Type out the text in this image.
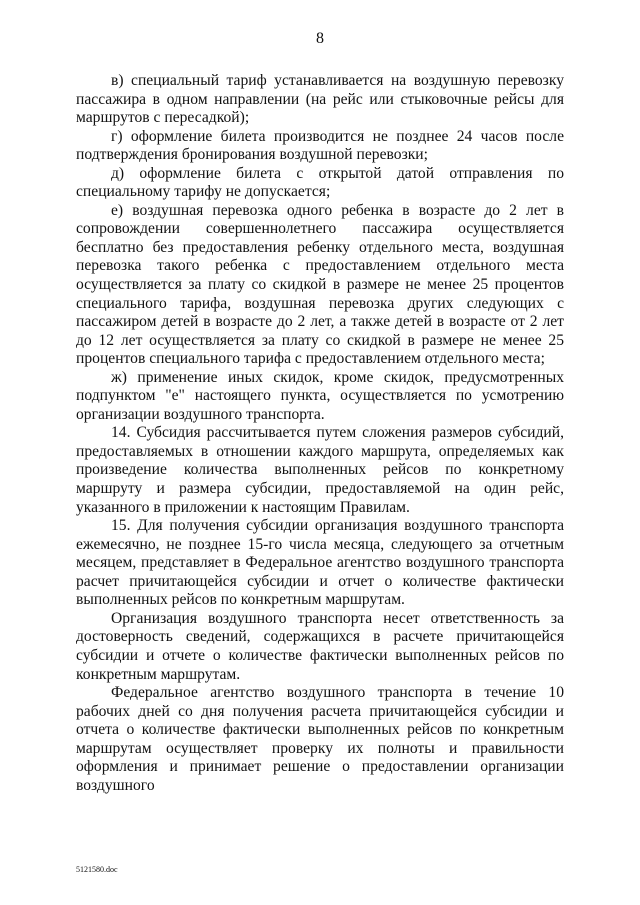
8

в) специальный тариф устанавливается на воздушную перевозку пассажира в одном направлении (на рейс или стыковочные рейсы для маршрутов с пересадкой);

г) оформление билета производится не позднее 24 часов после подтверждения бронирования воздушной перевозки;

д) оформление билета с открытой датой отправления по специальному тарифу не допускается;

е) воздушная перевозка одного ребенка в возрасте до 2 лет в сопровождении совершеннолетнего пассажира осуществляется бесплатно без предоставления ребенку отдельного места, воздушная перевозка такого ребенка с предоставлением отдельного места осуществляется за плату со скидкой в размере не менее 25 процентов специального тарифа, воздушная перевозка других следующих с пассажиром детей в возрасте до 2 лет, а также детей в возрасте от 2 лет до 12 лет осуществляется за плату со скидкой в размере не менее 25 процентов специального тарифа с предоставлением отдельного места;

ж) применение иных скидок, кроме скидок, предусмотренных подпунктом "е" настоящего пункта, осуществляется по усмотрению организации воздушного транспорта.

14. Субсидия рассчитывается путем сложения размеров субсидий, предоставляемых в отношении каждого маршрута, определяемых как произведение количества выполненных рейсов по конкретному маршруту и размера субсидии, предоставляемой на один рейс, указанного в приложении к настоящим Правилам.

15. Для получения субсидии организация воздушного транспорта ежемесячно, не позднее 15-го числа месяца, следующего за отчетным месяцем, представляет в Федеральное агентство воздушного транспорта расчет причитающейся субсидии и отчет о количестве фактически выполненных рейсов по конкретным маршрутам.

Организация воздушного транспорта несет ответственность за достоверность сведений, содержащихся в расчете причитающейся субсидии и отчете о количестве фактически выполненных рейсов по конкретным маршрутам.

Федеральное агентство воздушного транспорта в течение 10 рабочих дней со дня получения расчета причитающейся субсидии и отчета о количестве фактически выполненных рейсов по конкретным маршрутам осуществляет проверку их полноты и правильности оформления и принимает решение о предоставлении организации воздушного

5121580.doc
